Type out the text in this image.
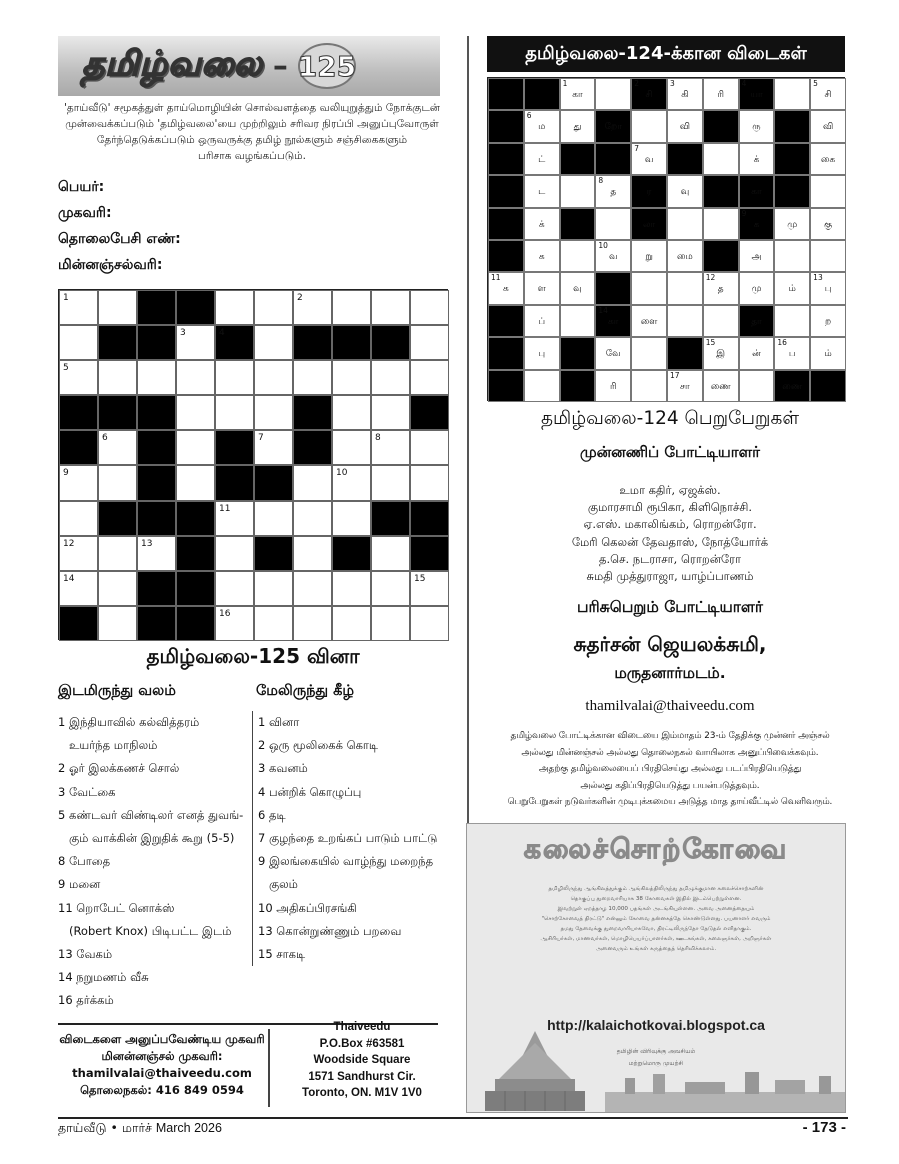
தமிழ்வலை – 125
'தாய்வீடு' சமூகத்துள் தாய்மொழியின் சொல்வளத்தை வலியுறுத்தும் நோக்குடன்
முன்வைக்கப்படும் 'தமிழ்வலை'யை முற்றிலும் சரிவர நிரப்பி அனுப்புவோருள்
தேர்ந்தெடுக்கப்படும் ஒருவருக்கு தமிழ் நூல்களும் சஞ்சிகைகளும்
பரிசாக வழங்கப்படும்.
பெயர்:
முகவரி:
தொலைபேசி எண்:
மின்னஞ்சல்வரி:
1	2
3	4
5
6	7	8
9	10
11
12	13
14	15
16
தமிழ்வலை-125 வினா
இடமிருந்து வலம்	மேலிருந்து கீழ்
1 இந்தியாவில் கல்வித்தரம்
உயர்ந்த மாநிலம்
2 ஓர் இலக்கணச் சொல்
3 வேட்கை
5 கண்டவர் விண்டிலர் எனத் துவங்-
கும் வாக்கின் இறுதிக் கூறு (5-5)
8 போதை
9 மனை
11 றொபேட் னொக்ஸ்
(Robert Knox) பிடிபட்ட இடம்
13 வேகம்
14 நறுமணம் வீசு
16 தர்க்கம்
1 வினா
2 ஒரு மூலிகைக் கொடி
3 கவனம்
4 பன்றிக் கொழுப்பு
6 தடி
7 குழந்தை உறங்கப் பாடும் பாட்டு
9 இலங்கையில் வாழ்ந்து மறைந்த
குலம்
10 அதிகப்பிரசங்கி
13 கொன்றுண்ணும் பறவை
15 சாகடி
விடைகளை அனுப்பவேண்டிய முகவரி
மினன்னஞ்சல் முகவரி:
thamilvalai@thaiveedu.com
தொலைநகல்: 416 849 0594
Thaiveedu
P.O.Box #63581
Woodside Square
1571 Sandhurst Cir.
Toronto, ON. M1V 1V0
தமிழ்வலை-124-க்கான விடைகள்
1
கா
2
சி
3
கி	ரி
4
யா
5
சி
6
ம	து	றோ	வி	ரு	வி
ட்
7
வ	க்	கை
ட
8
த	ர	வு	கா
க்	லா
9
க	மு	கு
க
10
வ	று	மை	அ
11
க	ள	வு
12
த	மு	ம்
13
பு
ப்
14
கா	ளை	தா	ற
பு	வே
15
இ	ன்
16
ப	ம்
ரி
17
சா	ணை	ணை
தமிழ்வலை-124 பெறுபேறுகள்
முன்னணிப் போட்டியாளர்
உமா கதிர், ஏஜக்ஸ்.
குமாரசாமி ரூபிகா, கிளிநொச்சி.
ஏ.எஸ். மகாலிங்கம், ரொறன்ரோ.
மேரி கெலன் தேவதாஸ், நோத்யோர்க்
த.செ. நடராசா, ரொறன்ரோ
சுமதி முத்துராஜா, யாழ்ப்பாணம்
பரிசுபெறும் போட்டியாளர்
சுதர்சன் ஜெயலக்சுமி,
மருதனார்மடம்.
thamilvalai@thaiveedu.com
தமிழ்வலை போட்டிக்கான விடையை இம்மாதம் 23-ம் தேதிக்கு முன்னர் அஞ்சல்
அல்லது மின்னஞ்சல் அல்லது தொலைநகல் வாயிலாக அனுப்பிவைக்கவும்.
அதற்கு தமிழ்வலையைப் பிரதிசெய்து அல்லது படப்பிரதியெடுத்து
அல்லது கதிப்பிரதியெடுத்து பயன்படுத்தவும்.
பெறுபேறுகள் நடுவர்களின் முடிபுக்கமைய அடுத்த மாத தாய்வீட்டில் வெளிவரும்.
கலைச்சொற்கோவை
தமிழிலிருந்து ஆங்கிலத்துக்கும் ஆங்கிலத்திலிருந்து தமிழுக்குமான கலைச்சொற்களின்
தொகுப்பு துறைவாரியாக 38 கோவைகள் இதில் இடம்பெற்றுள்ளன.
இவற்றுள் ஏறத்தாழ 10,000 பதங்கள் அடங்கியுள்ளன. அவை அனைத்தையும்
"சொற்கோவைத் திரட்டு" என்னும் கோவை தன்னகத்தே கொண்டுள்ளது. பயனாளர் எவரும்
தமது தேவைக்கு துறைவாரியாகவோ, திரட்டிலிருந்தோ தேடுதல் எளிதாகும்.
ஆசிரியர்கள், மாணவர்கள், மொழிபெயர்ப்பாளர்கள், ஊடகங்கள், கலைஞர்கள், அறிஞர்கள்
அனைவரும் உங்கள் கருத்தைத் தெரிவிக்கலாம்.
http://kalaichotkovai.blogspot.ca
தமிழின் விரிவுக்கு அவசியம்
மற்றுமொரு முயற்சி
தாய்வீடு • மார்ச் March 2026	- 173 -
